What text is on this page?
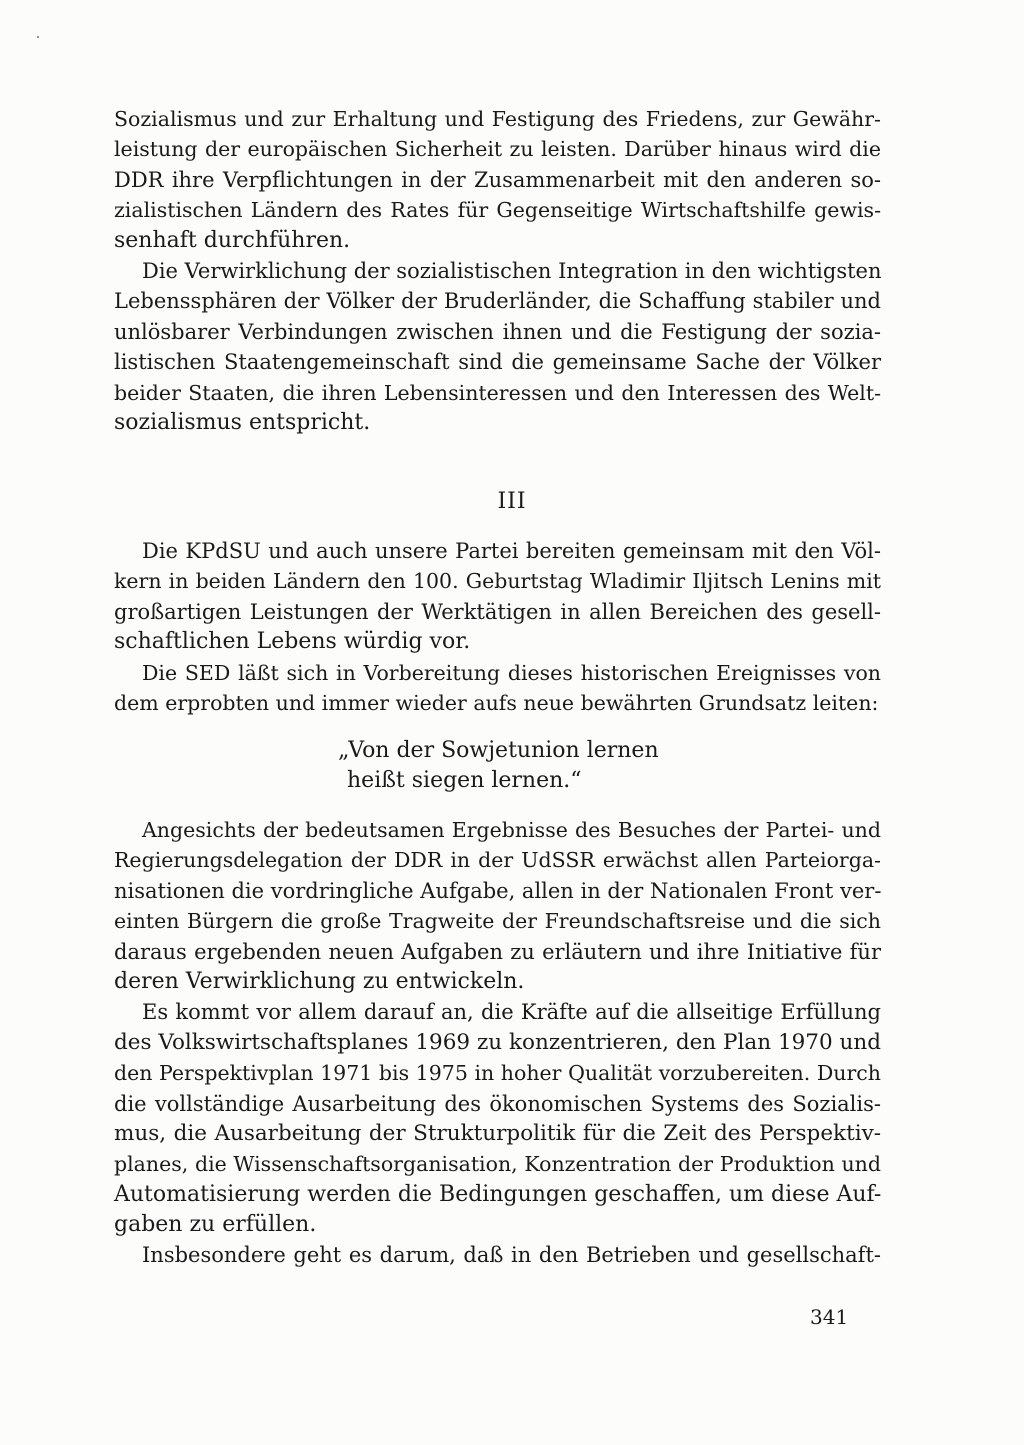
Sozialismus und zur Erhaltung und Festigung des Friedens, zur Gewähr-
leistung der europäischen Sicherheit zu leisten. Darüber hinaus wird die
DDR ihre Verpflichtungen in der Zusammenarbeit mit den anderen so-
zialistischen Ländern des Rates für Gegenseitige Wirtschaftshilfe gewis-
senhaft durchführen.
Die Verwirklichung der sozialistischen Integration in den wichtigsten
Lebenssphären der Völker der Bruderländer, die Schaffung stabiler und
unlösbarer Verbindungen zwischen ihnen und die Festigung der sozia-
listischen Staatengemeinschaft sind die gemeinsame Sache der Völker
beider Staaten, die ihren Lebensinteressen und den Interessen des Welt-
sozialismus entspricht.
III
Die KPdSU und auch unsere Partei bereiten gemeinsam mit den Völ-
kern in beiden Ländern den 100. Geburtstag Wladimir Iljitsch Lenins mit
großartigen Leistungen der Werktätigen in allen Bereichen des gesell-
schaftlichen Lebens würdig vor.
Die SED läßt sich in Vorbereitung dieses historischen Ereignisses von
dem erprobten und immer wieder aufs neue bewährten Grundsatz leiten:
„Von der Sowjetunion lernen
heißt siegen lernen.“
Angesichts der bedeutsamen Ergebnisse des Besuches der Partei- und
Regierungsdelegation der DDR in der UdSSR erwächst allen Parteiorga-
nisationen die vordringliche Aufgabe, allen in der Nationalen Front ver-
einten Bürgern die große Tragweite der Freundschaftsreise und die sich
daraus ergebenden neuen Aufgaben zu erläutern und ihre Initiative für
deren Verwirklichung zu entwickeln.
Es kommt vor allem darauf an, die Kräfte auf die allseitige Erfüllung
des Volkswirtschaftsplanes 1969 zu konzentrieren, den Plan 1970 und
den Perspektivplan 1971 bis 1975 in hoher Qualität vorzubereiten. Durch
die vollständige Ausarbeitung des ökonomischen Systems des Sozialis-
mus, die Ausarbeitung der Strukturpolitik für die Zeit des Perspektiv-
planes, die Wissenschaftsorganisation, Konzentration der Produktion und
Automatisierung werden die Bedingungen geschaffen, um diese Auf-
gaben zu erfüllen.
Insbesondere geht es darum, daß in den Betrieben und gesellschaft-
341
